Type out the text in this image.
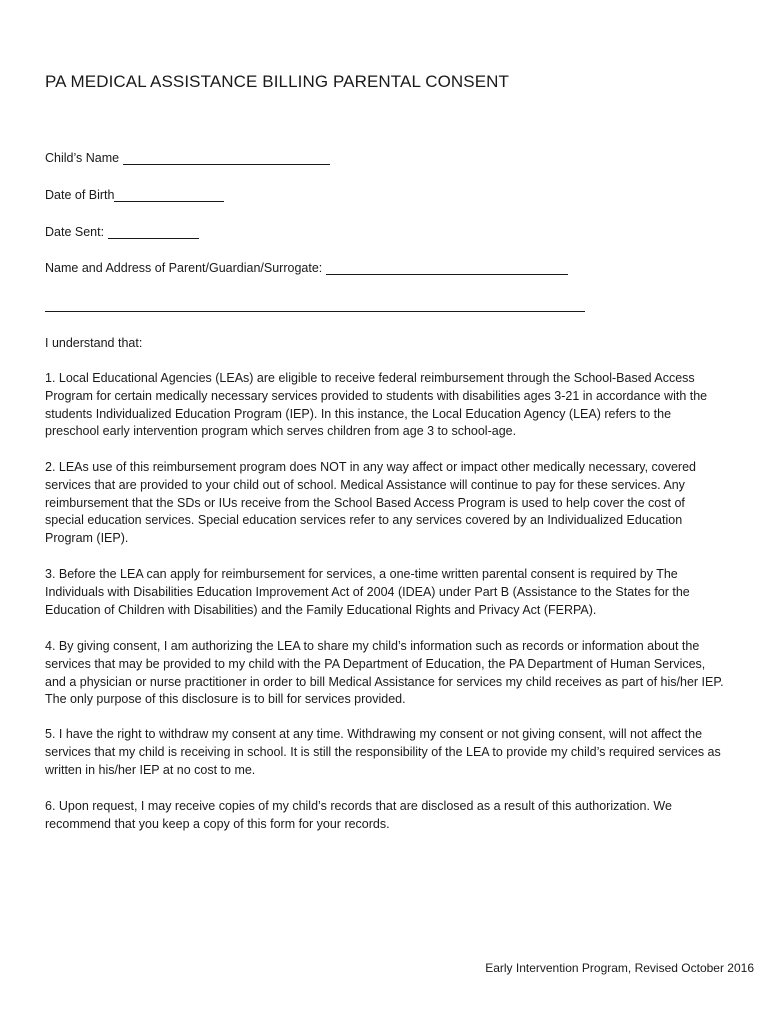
PA MEDICAL ASSISTANCE BILLING PARENTAL CONSENT
Child’s Name
Date of Birth
Date Sent:
Name and Address of Parent/Guardian/Surrogate:
I understand that:
1. Local Educational Agencies (LEAs) are eligible to receive federal reimbursement through the School-Based Access Program for certain medically necessary services provided to students with disabilities ages 3-21 in accordance with the students Individualized Education Program (IEP). In this instance, the Local Education Agency (LEA) refers to the preschool early intervention program which serves children from age 3 to school-age.
2. LEAs use of this reimbursement program does NOT in any way affect or impact other medically necessary, covered services that are provided to your child out of school. Medical Assistance will continue to pay for these services. Any reimbursement that the SDs or IUs receive from the School Based Access Program is used to help cover the cost of special education services. Special education services refer to any services covered by an Individualized Education Program (IEP).
3. Before the LEA can apply for reimbursement for services, a one-time written parental consent is required by The Individuals with Disabilities Education Improvement Act of 2004 (IDEA) under Part B (Assistance to the States for the Education of Children with Disabilities) and the Family Educational Rights and Privacy Act (FERPA).
4. By giving consent, I am authorizing the LEA to share my child’s information such as records or information about the services that may be provided to my child with the PA Department of Education, the PA Department of Human Services, and a physician or nurse practitioner in order to bill Medical Assistance for services my child receives as part of his/her IEP. The only purpose of this disclosure is to bill for services provided.
5. I have the right to withdraw my consent at any time. Withdrawing my consent or not giving consent, will not affect the services that my child is receiving in school. It is still the responsibility of the LEA to provide my child’s required services as written in his/her IEP at no cost to me.
6. Upon request, I may receive copies of my child’s records that are disclosed as a result of this authorization. We recommend that you keep a copy of this form for your records.
Early Intervention Program, Revised October 2016
